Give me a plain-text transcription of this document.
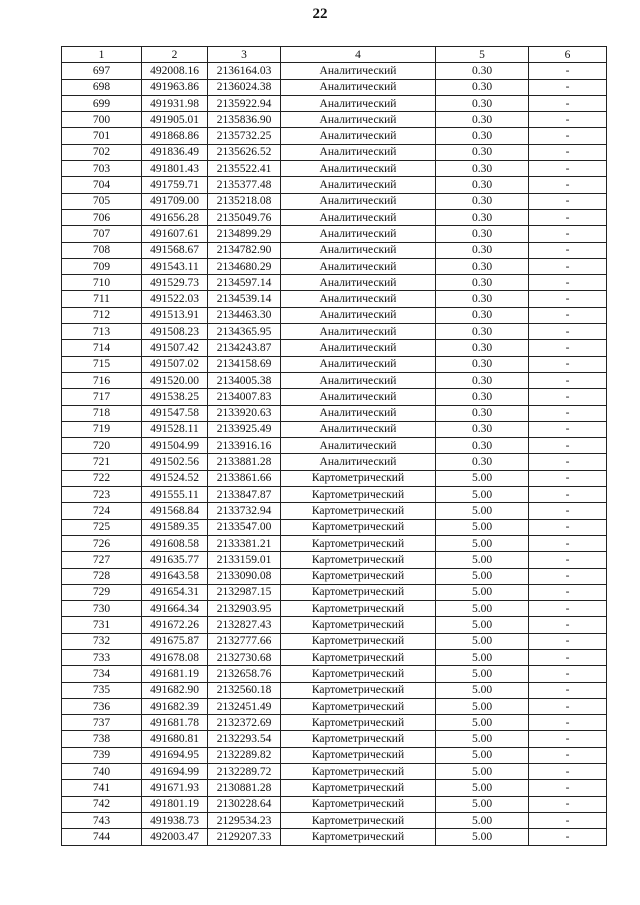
22
1	2	3	4	5	6
697	492008.16	2136164.03	Аналитический	0.30	-
698	491963.86	2136024.38	Аналитический	0.30	-
699	491931.98	2135922.94	Аналитический	0.30	-
700	491905.01	2135836.90	Аналитический	0.30	-
701	491868.86	2135732.25	Аналитический	0.30	-
702	491836.49	2135626.52	Аналитический	0.30	-
703	491801.43	2135522.41	Аналитический	0.30	-
704	491759.71	2135377.48	Аналитический	0.30	-
705	491709.00	2135218.08	Аналитический	0.30	-
706	491656.28	2135049.76	Аналитический	0.30	-
707	491607.61	2134899.29	Аналитический	0.30	-
708	491568.67	2134782.90	Аналитический	0.30	-
709	491543.11	2134680.29	Аналитический	0.30	-
710	491529.73	2134597.14	Аналитический	0.30	-
711	491522.03	2134539.14	Аналитический	0.30	-
712	491513.91	2134463.30	Аналитический	0.30	-
713	491508.23	2134365.95	Аналитический	0.30	-
714	491507.42	2134243.87	Аналитический	0.30	-
715	491507.02	2134158.69	Аналитический	0.30	-
716	491520.00	2134005.38	Аналитический	0.30	-
717	491538.25	2134007.83	Аналитический	0.30	-
718	491547.58	2133920.63	Аналитический	0.30	-
719	491528.11	2133925.49	Аналитический	0.30	-
720	491504.99	2133916.16	Аналитический	0.30	-
721	491502.56	2133881.28	Аналитический	0.30	-
722	491524.52	2133861.66	Картометрический	5.00	-
723	491555.11	2133847.87	Картометрический	5.00	-
724	491568.84	2133732.94	Картометрический	5.00	-
725	491589.35	2133547.00	Картометрический	5.00	-
726	491608.58	2133381.21	Картометрический	5.00	-
727	491635.77	2133159.01	Картометрический	5.00	-
728	491643.58	2133090.08	Картометрический	5.00	-
729	491654.31	2132987.15	Картометрический	5.00	-
730	491664.34	2132903.95	Картометрический	5.00	-
731	491672.26	2132827.43	Картометрический	5.00	-
732	491675.87	2132777.66	Картометрический	5.00	-
733	491678.08	2132730.68	Картометрический	5.00	-
734	491681.19	2132658.76	Картометрический	5.00	-
735	491682.90	2132560.18	Картометрический	5.00	-
736	491682.39	2132451.49	Картометрический	5.00	-
737	491681.78	2132372.69	Картометрический	5.00	-
738	491680.81	2132293.54	Картометрический	5.00	-
739	491694.95	2132289.82	Картометрический	5.00	-
740	491694.99	2132289.72	Картометрический	5.00	-
741	491671.93	2130881.28	Картометрический	5.00	-
742	491801.19	2130228.64	Картометрический	5.00	-
743	491938.73	2129534.23	Картометрический	5.00	-
744	492003.47	2129207.33	Картометрический	5.00	-
